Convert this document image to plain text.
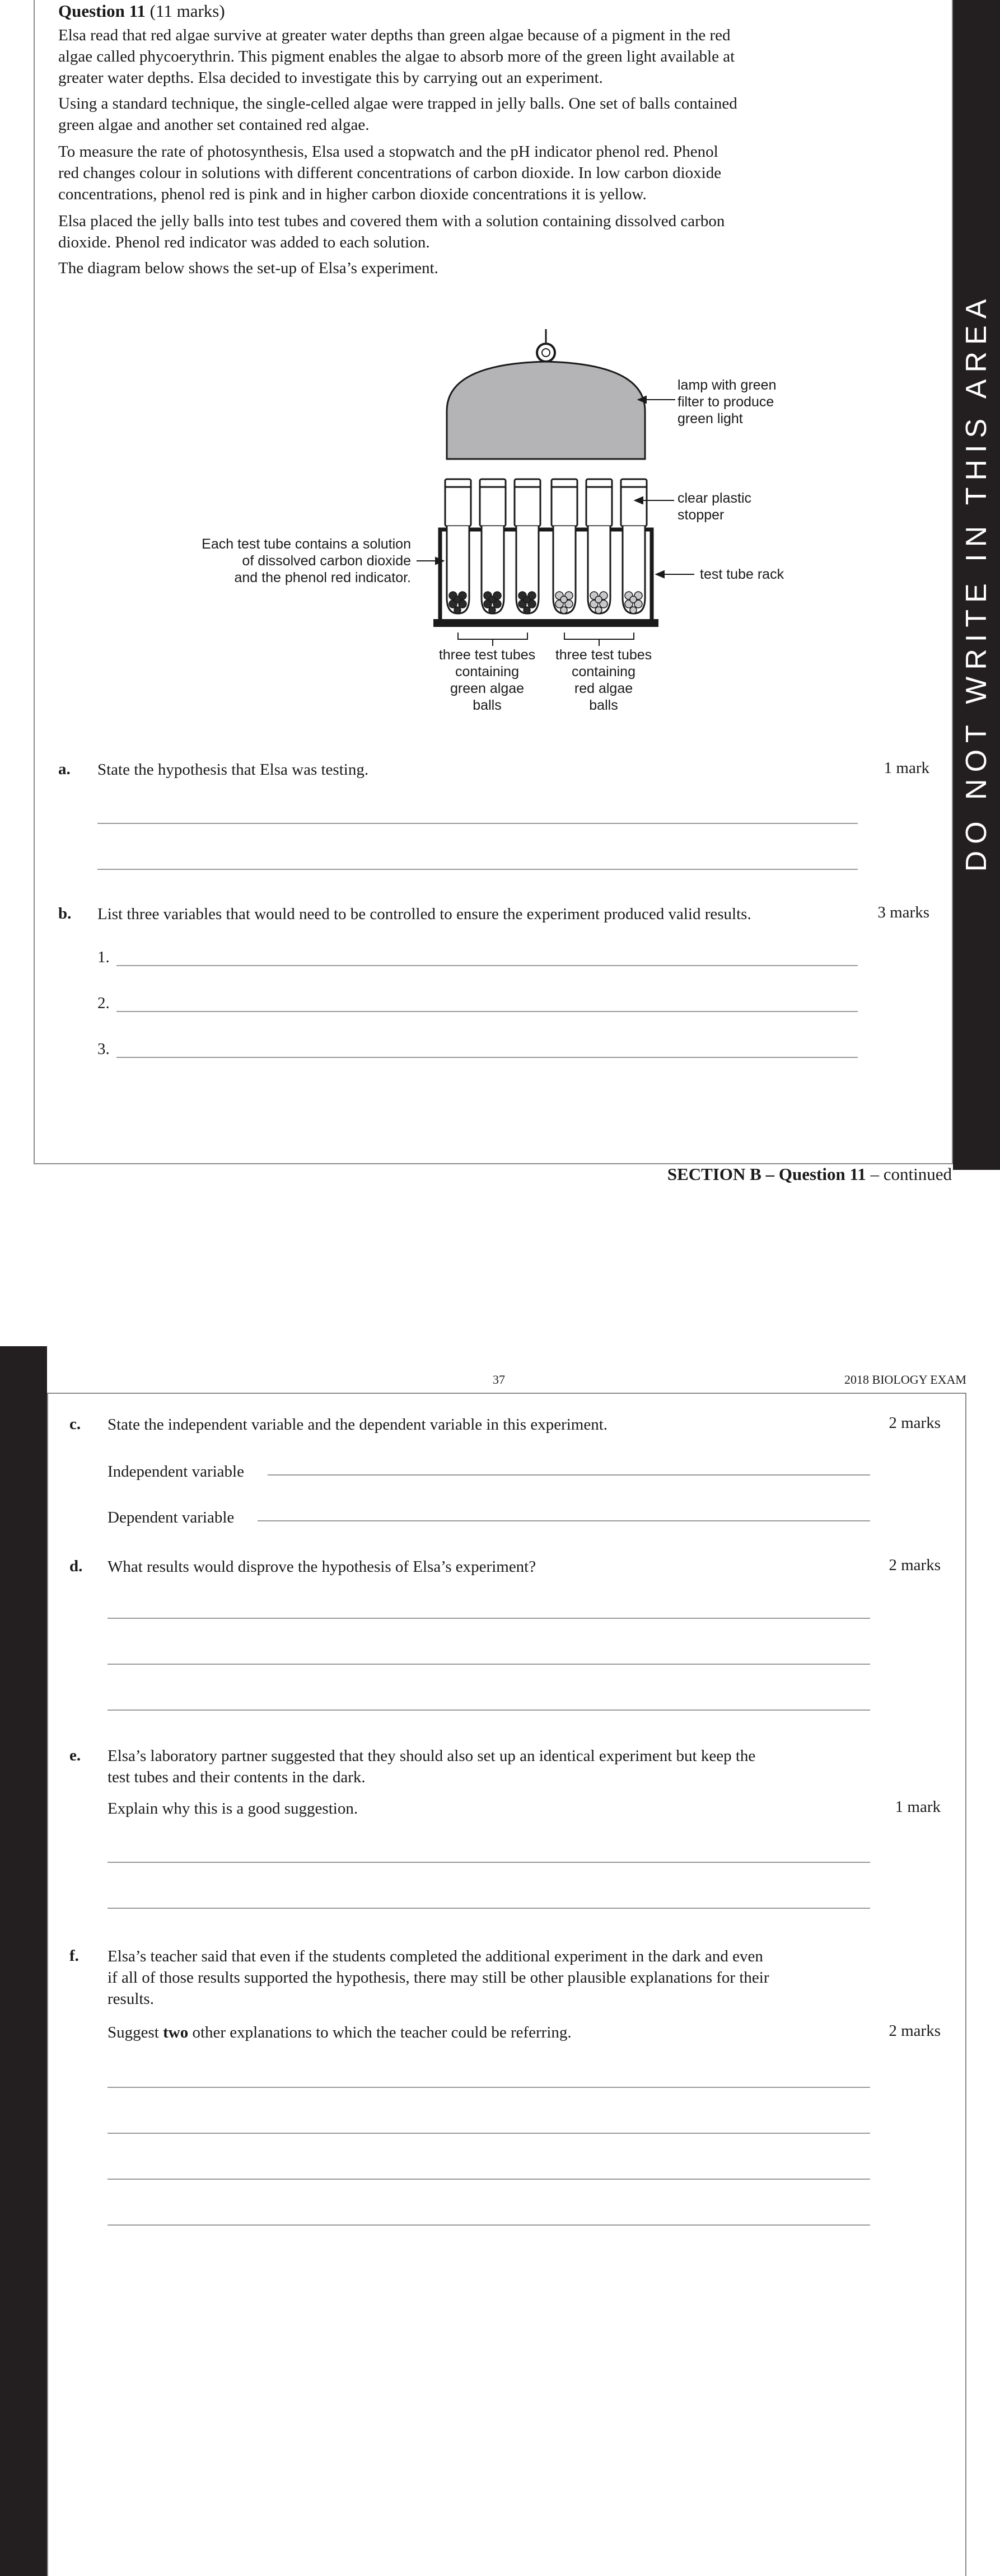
DO NOT WRITE IN THIS AREA
Question 11 (11 marks)
Elsa read that red algae survive at greater water depths than green algae because of a pigment in the red
algae called phycoerythrin. This pigment enables the algae to absorb more of the green light available at
greater water depths. Elsa decided to investigate this by carrying out an experiment.
Using a standard technique, the single-celled algae were trapped in jelly balls. One set of balls contained
green algae and another set contained red algae.
To measure the rate of photosynthesis, Elsa used a stopwatch and the pH indicator phenol red. Phenol
red changes colour in solutions with different concentrations of carbon dioxide. In low carbon dioxide
concentrations, phenol red is pink and in higher carbon dioxide concentrations it is yellow.
Elsa placed the jelly balls into test tubes and covered them with a solution containing dissolved carbon
dioxide. Phenol red indicator was added to each solution.
The diagram below shows the set-up of Elsa’s experiment.
lamp with green
filter to produce
green light
clear plastic
stopper
test tube rack
Each test tube contains a solution
of dissolved carbon dioxide
and the phenol red indicator.
three test tubes
containing
green algae
balls
three test tubes
containing
red algae
balls
a. State the hypothesis that Elsa was testing.	1 mark
b. List three variables that would need to be controlled to ensure the experiment produced valid results.	3 marks
1.
2.
3.
SECTION B – Question 11 – continued
37	2018 BIOLOGY EXAM
c. State the independent variable and the dependent variable in this experiment.	2 marks
Independent variable
Dependent variable
d. What results would disprove the hypothesis of Elsa’s experiment?	2 marks
e. Elsa’s laboratory partner suggested that they should also set up an identical experiment but keep the
test tubes and their contents in the dark.
Explain why this is a good suggestion.	1 mark
f. Elsa’s teacher said that even if the students completed the additional experiment in the dark and even
if all of those results supported the hypothesis, there may still be other plausible explanations for their
results.
Suggest two other explanations to which the teacher could be referring.	2 marks
